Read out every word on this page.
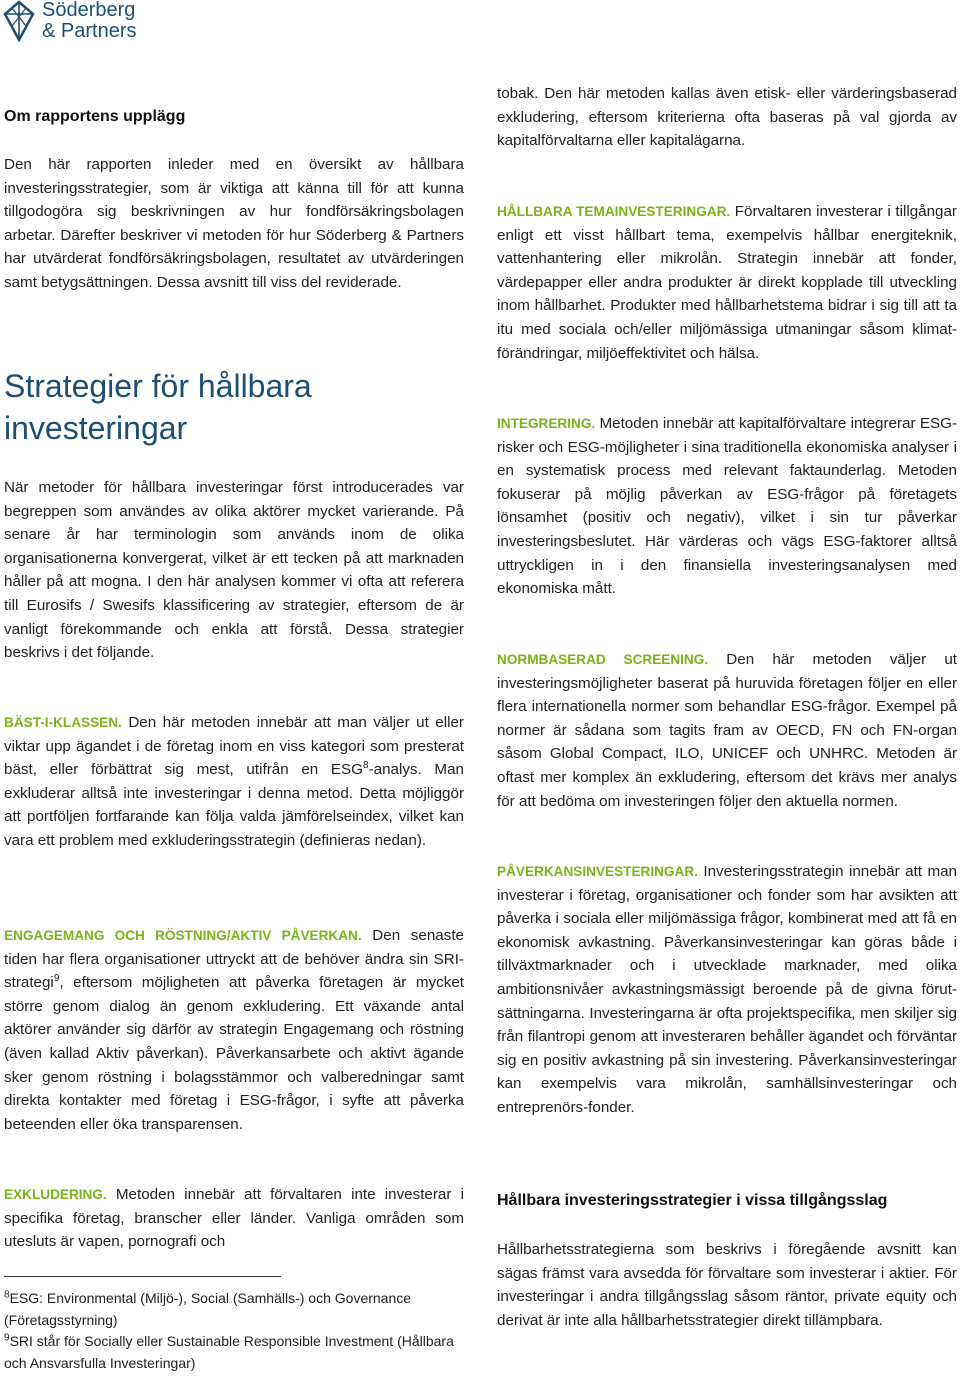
Söderberg
& Partners
Om rapportens upplägg

Den här rapporten inleder med en översikt av hållbara investeringsstrategier, som är viktiga att känna till för att kunna tillgodogöra sig beskrivningen av hur fondförsäkringsbolagen arbetar. Därefter beskriver vi metoden för hur Söderberg & Partners har utvärderat fondförsäkringsbolagen, resultatet av utvärderingen samt betygsättningen. Dessa avsnitt till viss del reviderade.

Strategier för hållbara
investeringar

När metoder för hållbara investeringar först introducerades var begreppen som användes av olika aktörer mycket varierande. På senare år har terminologin som används inom de olika organisationerna konvergerat, vilket är ett tecken på att marknaden håller på att mogna. I den här analysen kommer vi ofta att referera till Eurosifs / Swesifs klassificering av strategier, eftersom de är vanligt förekommande och enkla att förstå. Dessa strategier beskrivs i det följande.

BÄST-I-KLASSEN. Den här metoden innebär att man väljer ut eller viktar upp ägandet i de företag inom en viss kategori som presterat bäst, eller förbättrat sig mest, utifrån en ESG$^8$-analys. Man exkluderar alltså inte investeringar i denna metod. Detta möjliggör att portföljen fortfarande kan följa valda jämförelseindex, vilket kan vara ett problem med exkluderingsstrategin (definieras nedan).

ENGAGEMANG OCH RÖSTNING/AKTIV PÅVERKAN. Den senaste tiden har flera organisationer uttryckt att de behöver ändra sin SRI-strategi$^9$, eftersom möjligheten att påverka företagen är mycket större genom dialog än genom exkludering. Ett växande antal aktörer använder sig därför av strategin Engagemang och röstning (även kallad Aktiv påverkan). Påverkansarbete och aktivt ägande sker genom röstning i bolagsstämmor och valberedningar samt direkta kontakter med företag i ESG-frågor, i syfte att påverka beteenden eller öka transparensen.

EXKLUDERING. Metoden innebär att förvaltaren inte investerar i specifika företag, branscher eller länder. Vanliga områden som utesluts är vapen, pornografi och

$^8$ESG: Environmental (Miljö-), Social (Samhälls-) och Governance (Företagsstyrning)

$^9$SRI står för Socially eller Sustainable Responsible Investment (Hållbara och Ansvarsfulla Investeringar)

tobak. Den här metoden kallas även etisk- eller värderingsbaserad exkludering, eftersom kriterierna ofta baseras på val gjorda av kapitalförvaltarna eller kapitalägarna.

HÅLLBARA TEMAINVESTERINGAR. Förvaltaren investerar i tillgångar enligt ett visst hållbart tema, exempelvis hållbar energiteknik, vattenhantering eller mikrolån. Strategin innebär att fonder, värdepapper eller andra produkter är direkt kopplade till utveckling inom hållbarhet. Produkter med hållbarhetstema bidrar i sig till att ta itu med sociala och/eller miljömässiga utmaningar såsom klimat-förändringar, miljöeffektivitet och hälsa.

INTEGRERING. Metoden innebär att kapitalförvaltare integrerar ESG-risker och ESG-möjligheter i sina traditionella ekonomiska analyser i en systematisk process med relevant faktaunderlag. Metoden fokuserar på möjlig påverkan av ESG-frågor på företagets lönsamhet (positiv och negativ), vilket i sin tur påverkar investeringsbeslutet. Här värderas och vägs ESG-faktorer alltså uttryckligen in i den finansiella investeringsanalysen med ekonomiska mått.

NORMBASERAD SCREENING. Den här metoden väljer ut investeringsmöjligheter baserat på huruvida företagen följer en eller flera internationella normer som behandlar ESG-frågor. Exempel på normer är sådana som tagits fram av OECD, FN och FN-organ såsom Global Compact, ILO, UNICEF och UNHRC. Metoden är oftast mer komplex än exkludering, eftersom det krävs mer analys för att bedöma om investeringen följer den aktuella normen.

PÅVERKANSINVESTERINGAR. Investeringsstrategin innebär att man investerar i företag, organisationer och fonder som har avsikten att påverka i sociala eller miljömässiga frågor, kombinerat med att få en ekonomisk avkastning. Påverkansinvesteringar kan göras både i tillväxtmarknader och i utvecklade marknader, med olika ambitionsnivåer avkastningsmässigt beroende på de givna förut-sättningarna. Investeringarna är ofta projektspecifika, men skiljer sig från filantropi genom att investeraren behåller ägandet och förväntar sig en positiv avkastning på sin investering. Påverkansinvesteringar kan exempelvis vara mikrolån, samhällsinvesteringar och entreprenörs-fonder.

Hållbara investeringsstrategier i vissa tillgångsslag

Hållbarhetsstrategierna som beskrivs i föregående avsnitt kan sägas främst vara avsedda för förvaltare som investerar i aktier. För investeringar i andra tillgångsslag såsom räntor, private equity och derivat är inte alla hållbarhetsstrategier direkt tillämpbara.
